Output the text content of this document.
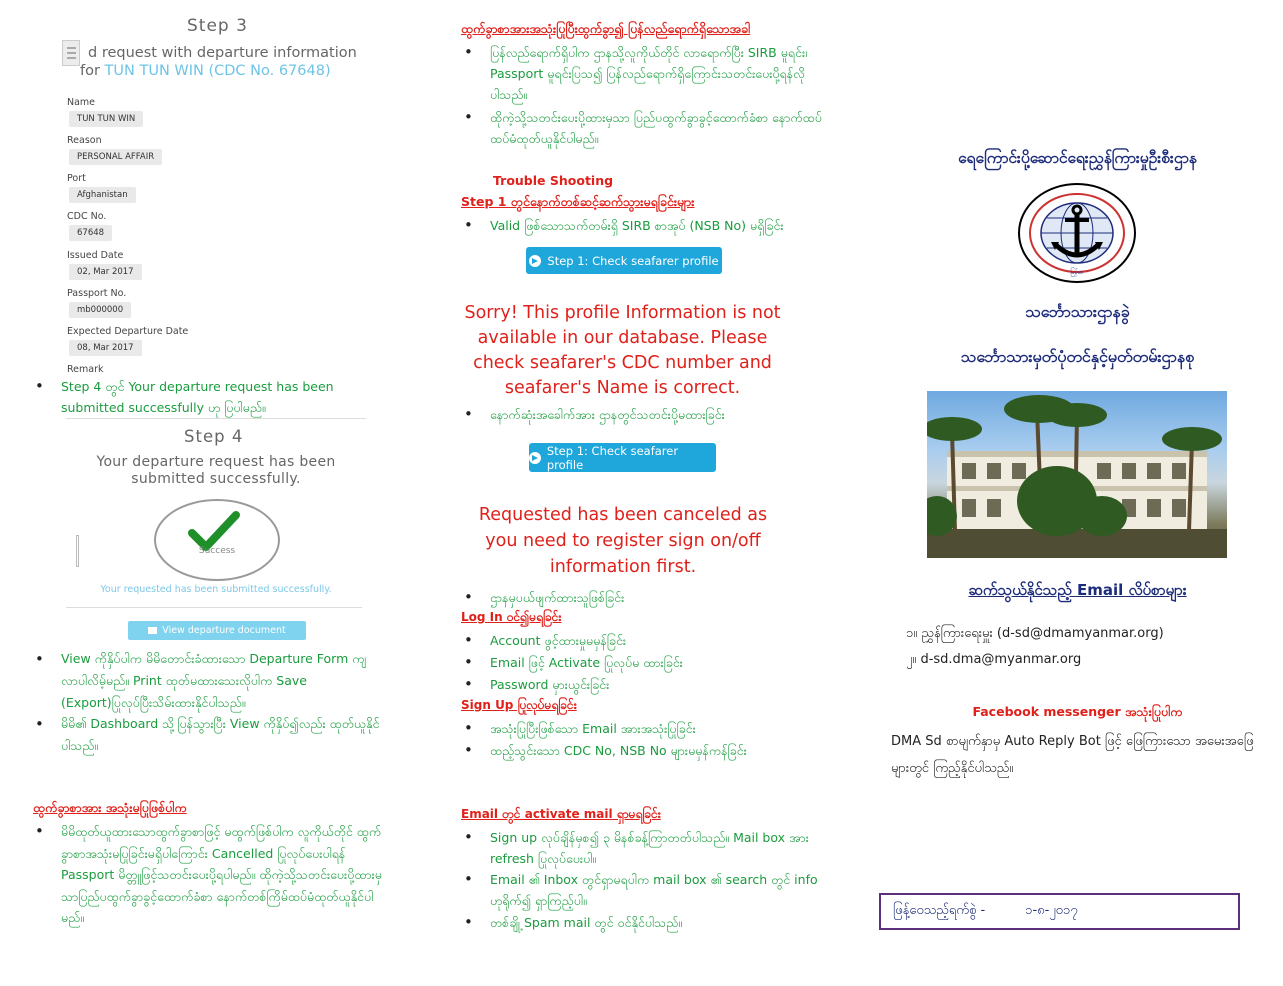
Step 3
d request with departure information
for TUN TUN WIN (CDC No. 67648)
Name
TUN TUN WIN
Reason
PERSONAL AFFAIR
Port
Afghanistan
CDC No.
67648
Issued Date
02, Mar 2017
Passport No.
mb000000
Expected Departure Date
08, Mar 2017
Remark
• Step 4 တွင် Your departure request has been submitted successfully ဟု ပြပါမည်။
Step 4
Your departure request has been submitted successfully.
Success
Your requested has been submitted successfully.
View departure document
• View ကိုနှိပ်ပါက မိမိတောင်းခံထားသော Departure Form ကျလာပါလိမ့်မည်။ Print ထုတ်မထားသေးလိုပါက Save (Export)ပြုလုပ်ပြီးသိမ်းထားနိုင်ပါသည်။
• မိမိ၏ Dashboard သို့ပြန်သွားပြီး View ကိုနှိပ်၍လည်း ထုတ်ယူနိုင်ပါသည်။
ထွက်ခွာစာအား အသုံးမပြုဖြစ်ပါက
• မိမိထုတ်ယူထားသောထွက်ခွာစာဖြင့် မထွက်ဖြစ်ပါက လူကိုယ်တိုင် ထွက်ခွာစာအသုံးမပြုခြင်းမရှိပါကြောင်း Cancelled ပြုလုပ်ပေးပါရန် Passport မိတ္တူဖြင့်သတင်းပေးပို့ရပါမည်။ ထိုကဲ့သို့သတင်းပေးပို့ထားမှသာပြည်ပထွက်ခွာခွင့်ထောက်ခံစာ နောက်တစ်ကြိမ်ထပ်မံထုတ်ယူနိုင်ပါမည်။
ထွက်ခွာစာအားအသုံးပြုပြီးထွက်ခွာ၍ ပြန်လည်ရောက်ရှိသောအခါ
• ပြန်လည်ရောက်ရှိပါက ဌာနသို့လူကိုယ်တိုင် လာရောက်ပြီး SIRB မူရင်း၊ Passport မူရင်းပြသ၍ ပြန်လည်ရောက်ရှိကြောင်းသတင်းပေးပို့ရန်လိုပါသည်။
• ထိုကဲ့သို့သတင်းပေးပို့ထားမှသာ ပြည်ပထွက်ခွာခွင့်ထောက်ခံစာ နောက်ထပ် ထပ်မံထုတ်ယူနိုင်ပါမည်။
Trouble Shooting
Step 1 တွင်နောက်တစ်ဆင့်ဆက်သွားမရခြင်းများ
• Valid ဖြစ်သောသက်တမ်းရှိ SIRB စာအုပ် (NSB No) မရှိခြင်း
Step 1: Check seafarer profile
Sorry! This profile Information is not available in our database. Please check seafarer's CDC number and seafarer's Name is correct.
• နောက်ဆုံးအခေါက်အား ဌာနတွင်သတင်းပို့မထားခြင်း
Step 1: Check seafarer profile
Requested has been canceled as you need to register sign on/off information first.
• ဌာနမှပယ်ဖျက်ထားသူဖြစ်ခြင်း
Log In ဝင်၍မရခြင်း
• Account ဖွင့်ထားမှုမမှန်ခြင်း
• Email ဖြင့် Activate ပြုလုပ်မ ထားခြင်း
• Password မှားယွင်းခြင်း
Sign Up ပြုလုပ်မရခြင်း
• အသုံးပြုပြီးဖြစ်သော Email အားအသုံးပြုခြင်း
• ထည့်သွင်းသော CDC No, NSB No များမမှန်ကန်ခြင်း
Email တွင် activate mail ရှာမရခြင်း
• Sign up လုပ်ချိန်မှစ၍ ၃ မိနစ်ခန့်ကြာတတ်ပါသည်။ Mail box အား refresh ပြုလုပ်ပေးပါ။
• Email ၏ Inbox တွင်ရှာမရပါက mail box ၏ search တွင် info ဟုရိုက်၍ ရှာကြည့်ပါ။
• တစ်ချို့ Spam mail တွင် ဝင်နိုင်ပါသည်။
ရေကြောင်းပို့ဆောင်ရေးညွှန်ကြားမှုဦးစီးဌာန
မြန်မာ
သင်္ဘောသားဌာနခွဲ
သင်္ဘောသားမှတ်ပုံတင်နှင့်မှတ်တမ်းဌာနစု
ဆက်သွယ်နိုင်သည့် Email လိပ်စာများ
၁။ ညွှန်ကြားရေးမှူး (d-sd@dmamyanmar.org)
၂။ d-sd.dma@myanmar.org
Facebook messenger အသုံးပြုပါက
DMA Sd စာမျက်နှာမှ Auto Reply Bot ဖြင့် ဖြေကြားသော အမေးအဖြေများတွင် ကြည့်နိုင်ပါသည်။
ဖြန့်ဝေသည့်ရက်စွဲ -	၁-၈-၂၀၁၇
